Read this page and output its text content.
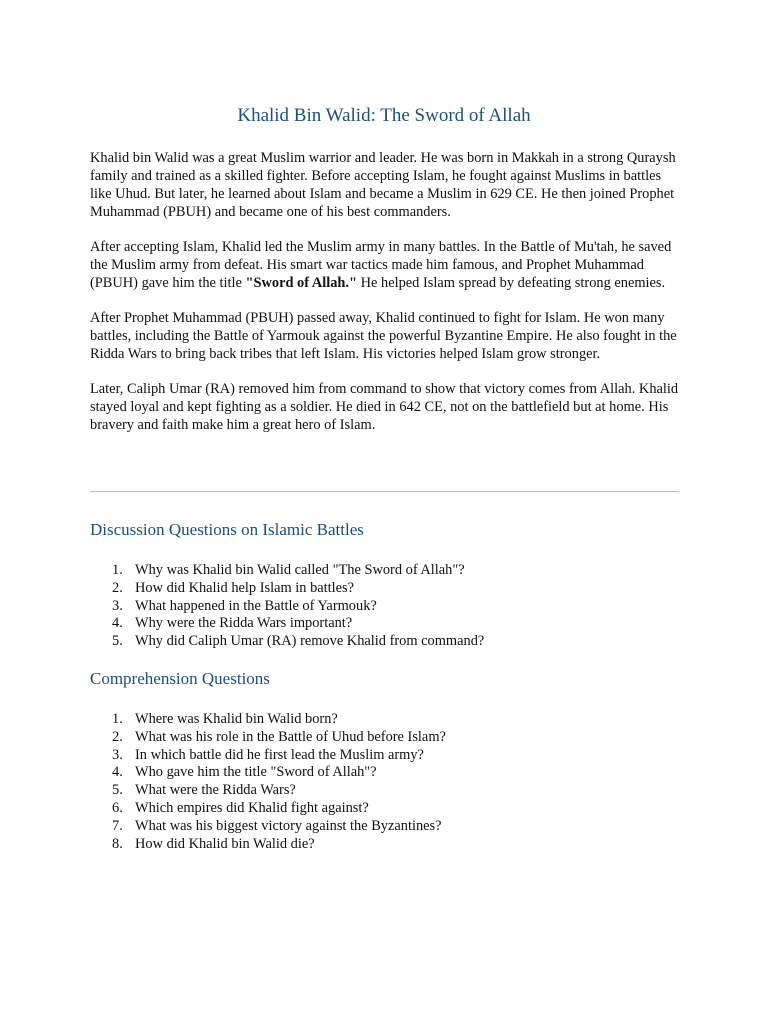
Khalid Bin Walid: The Sword of Allah

Khalid bin Walid was a great Muslim warrior and leader. He was born in Makkah in a strong Quraysh family and trained as a skilled fighter. Before accepting Islam, he fought against Muslims in battles like Uhud. But later, he learned about Islam and became a Muslim in 629 CE. He then joined Prophet Muhammad (PBUH) and became one of his best commanders.

After accepting Islam, Khalid led the Muslim army in many battles. In the Battle of Mu'tah, he saved the Muslim army from defeat. His smart war tactics made him famous, and Prophet Muhammad (PBUH) gave him the title "Sword of Allah." He helped Islam spread by defeating strong enemies.

After Prophet Muhammad (PBUH) passed away, Khalid continued to fight for Islam. He won many battles, including the Battle of Yarmouk against the powerful Byzantine Empire. He also fought in the Ridda Wars to bring back tribes that left Islam. His victories helped Islam grow stronger.

Later, Caliph Umar (RA) removed him from command to show that victory comes from Allah. Khalid stayed loyal and kept fighting as a soldier. He died in 642 CE, not on the battlefield but at home. His bravery and faith make him a great hero of Islam.

Discussion Questions on Islamic Battles
1. Why was Khalid bin Walid called "The Sword of Allah"?
2. How did Khalid help Islam in battles?
3. What happened in the Battle of Yarmouk?
4. Why were the Ridda Wars important?
5. Why did Caliph Umar (RA) remove Khalid from command?
Comprehension Questions
1. Where was Khalid bin Walid born?
2. What was his role in the Battle of Uhud before Islam?
3. In which battle did he first lead the Muslim army?
4. Who gave him the title "Sword of Allah"?
5. What were the Ridda Wars?
6. Which empires did Khalid fight against?
7. What was his biggest victory against the Byzantines?
8. How did Khalid bin Walid die?
